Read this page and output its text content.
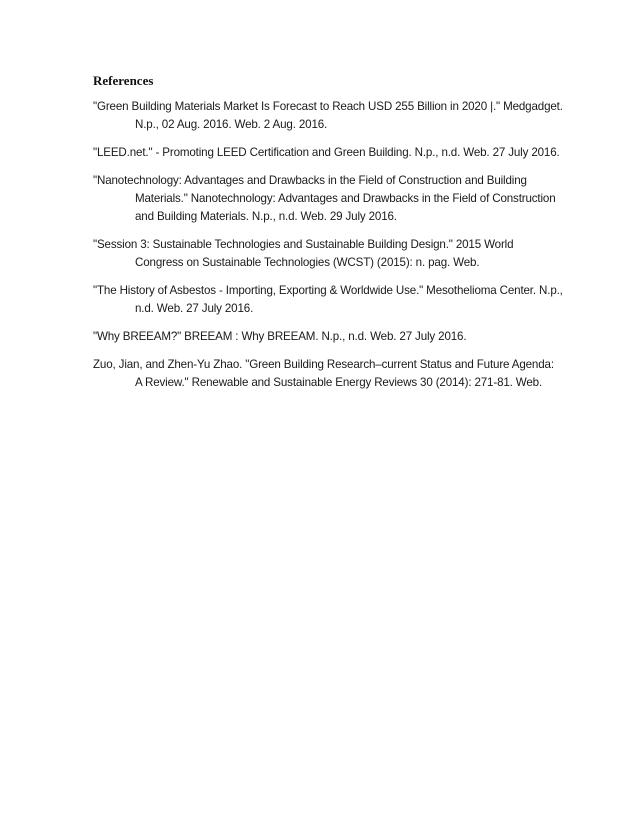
References
"Green Building Materials Market Is Forecast to Reach USD 255 Billion in 2020 |." Medgadget. N.p., 02 Aug. 2016. Web. 2 Aug. 2016.
"LEED.net." - Promoting LEED Certification and Green Building. N.p., n.d. Web. 27 July 2016.
"Nanotechnology: Advantages and Drawbacks in the Field of Construction and Building Materials." Nanotechnology: Advantages and Drawbacks in the Field of Construction and Building Materials. N.p., n.d. Web. 29 July 2016.
"Session 3: Sustainable Technologies and Sustainable Building Design." 2015 World Congress on Sustainable Technologies (WCST) (2015): n. pag. Web.
"The History of Asbestos - Importing, Exporting & Worldwide Use." Mesothelioma Center. N.p., n.d. Web. 27 July 2016.
"Why BREEAM?" BREEAM : Why BREEAM. N.p., n.d. Web. 27 July 2016.
Zuo, Jian, and Zhen-Yu Zhao. "Green Building Research–current Status and Future Agenda: A Review." Renewable and Sustainable Energy Reviews 30 (2014): 271-81. Web.
